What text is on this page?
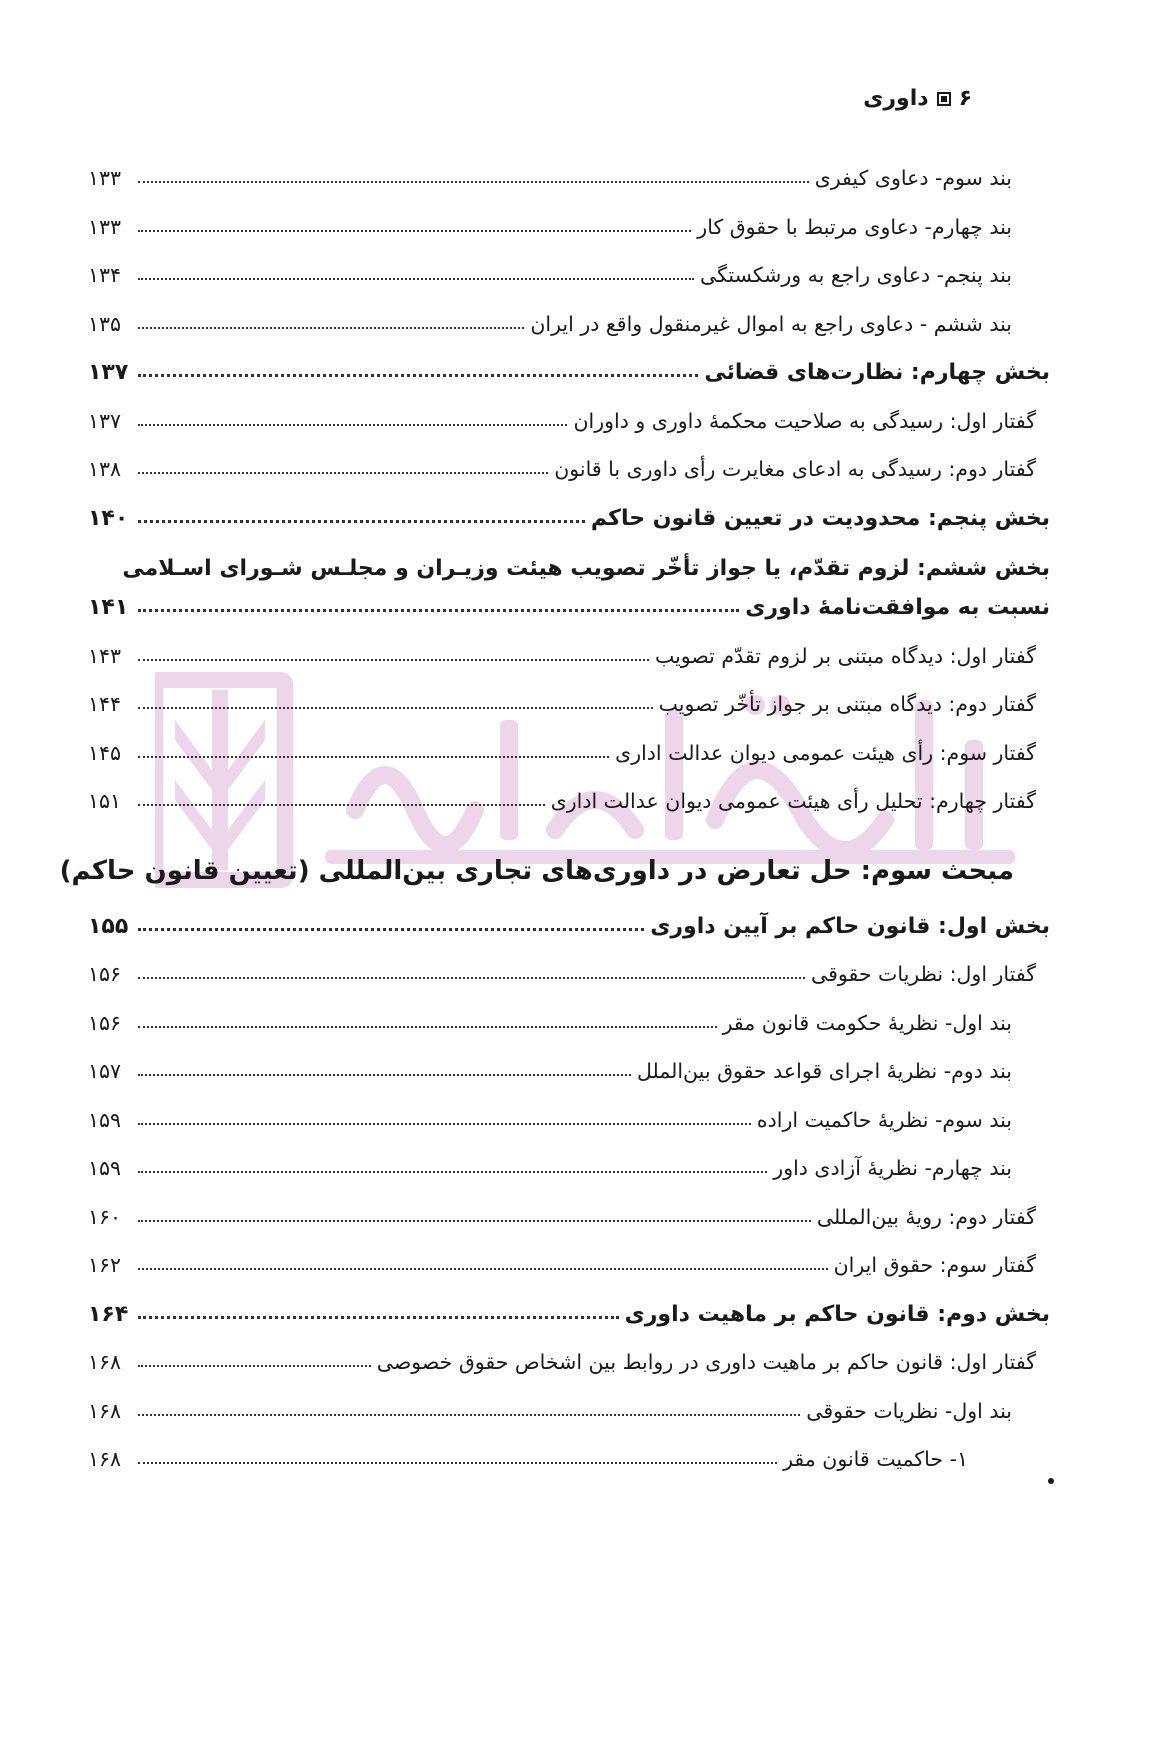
۶
داوری
بند سوم- دعاوی کیفری
۱۳۳
بند چهارم- دعاوی مرتبط با حقوق کار
۱۳۳
بند پنجم- دعاوی راجع به ورشکستگی
۱۳۴
بند ششم - دعاوی راجع به اموال غیرمنقول واقع در ایران
۱۳۵
بخش چهارم: نظارت‌های قضائی
۱۳۷
گفتار اول: رسیدگی به صلاحیت محکمهٔ داوری و داوران
۱۳۷
گفتار دوم: رسیدگی به ادعای مغایرت رأی داوری با قانون
۱۳۸
بخش پنجم: محدودیت در تعیین قانون حاکم
۱۴۰
بخش ششم: لزوم تقدّم، یا جواز تأخّر تصویب هیئت وزیـران و مجلـس شـورای اسـلامی
نسبت به موافقت‌نامهٔ داوری
۱۴۱
گفتار اول: دیدگاه مبتنی بر لزوم تقدّم تصویب
۱۴۳
گفتار دوم: دیدگاه مبتنی بر جواز تأخّر تصویب
۱۴۴
گفتار سوم: رأی هیئت عمومی دیوان عدالت اداری
۱۴۵
گفتار چهارم: تحلیل رأی هیئت عمومی دیوان عدالت اداری
۱۵۱
مبحث سوم: حل تعارض در داوری‌های تجاری بین‌المللی (تعیین قانون حاکم)
بخش اول: قانون حاکم بر آیین داوری
۱۵۵
گفتار اول: نظریات حقوقی
۱۵۶
بند اول- نظریهٔ حکومت قانون مقر
۱۵۶
بند دوم- نظریهٔ اجرای قواعد حقوق بین‌الملل
۱۵۷
بند سوم- نظریهٔ حاکمیت اراده
۱۵۹
بند چهارم- نظریهٔ آزادی داور
۱۵۹
گفتار دوم: رویهٔ بین‌المللی
۱۶۰
گفتار سوم: حقوق ایران
۱۶۲
بخش دوم: قانون حاکم بر ماهیت داوری
۱۶۴
گفتار اول: قانون حاکم بر ماهیت داوری در روابط بین اشخاص حقوق خصوصی
۱۶۸
بند اول- نظریات حقوقی
۱۶۸
۱- حاکمیت قانون مقر
۱۶۸
